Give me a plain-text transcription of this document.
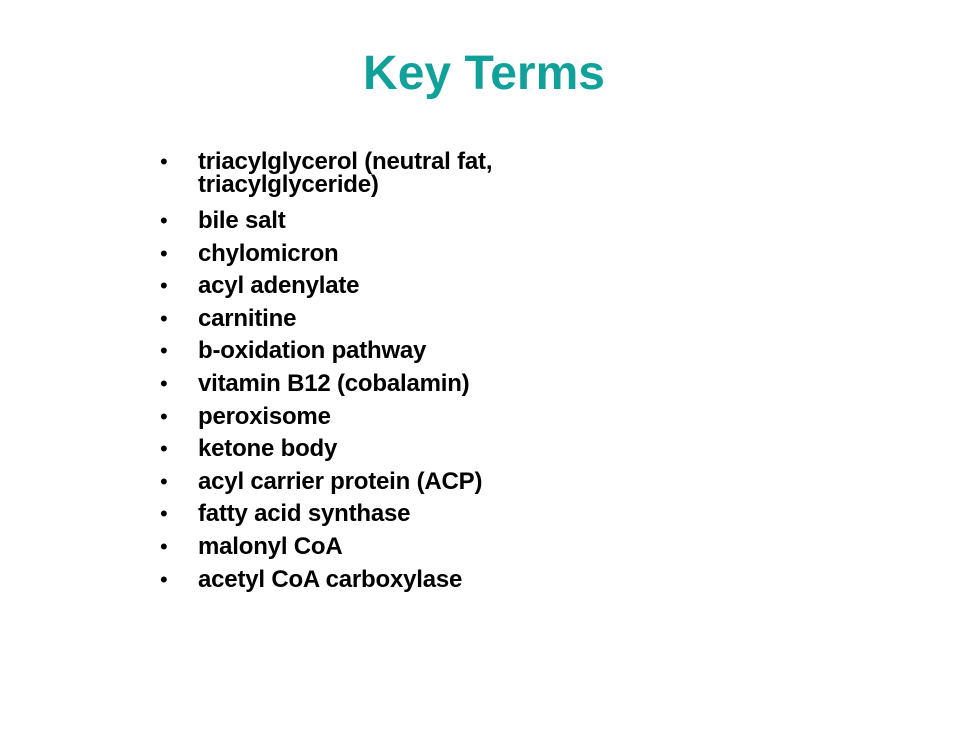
Key Terms
• triacylglycerol (neutral fat,
triacylglyceride)
• bile salt
• chylomicron
• acyl adenylate
• carnitine
• b-oxidation pathway
• vitamin B12 (cobalamin)
• peroxisome
• ketone body
• acyl carrier protein (ACP)
• fatty acid synthase
• malonyl CoA
• acetyl CoA carboxylase
